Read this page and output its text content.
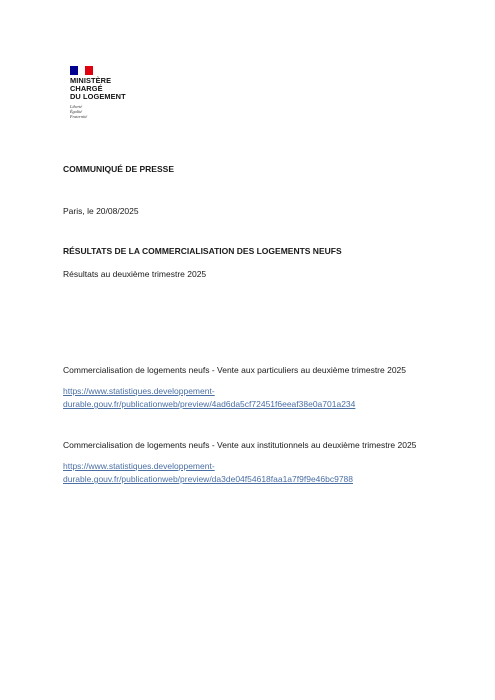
MINISTÈRE
CHARGÉ
DU LOGEMENT
Liberté
Égalité
Fraternité
COMMUNIQUÉ DE PRESSE
Paris, le 20/08/2025
RÉSULTATS DE LA COMMERCIALISATION DES LOGEMENTS NEUFS
Résultats au deuxième trimestre 2025
Commercialisation de logements neufs - Vente aux particuliers au deuxième trimestre 2025
https://www.statistiques.developpement-
durable.gouv.fr/publicationweb/preview/4ad6da5cf72451f6eeaf38e0a701a234
Commercialisation de logements neufs - Vente aux institutionnels au deuxième trimestre 2025
https://www.statistiques.developpement-
durable.gouv.fr/publicationweb/preview/da3de04f54618faa1a7f9f9e46bc9788
